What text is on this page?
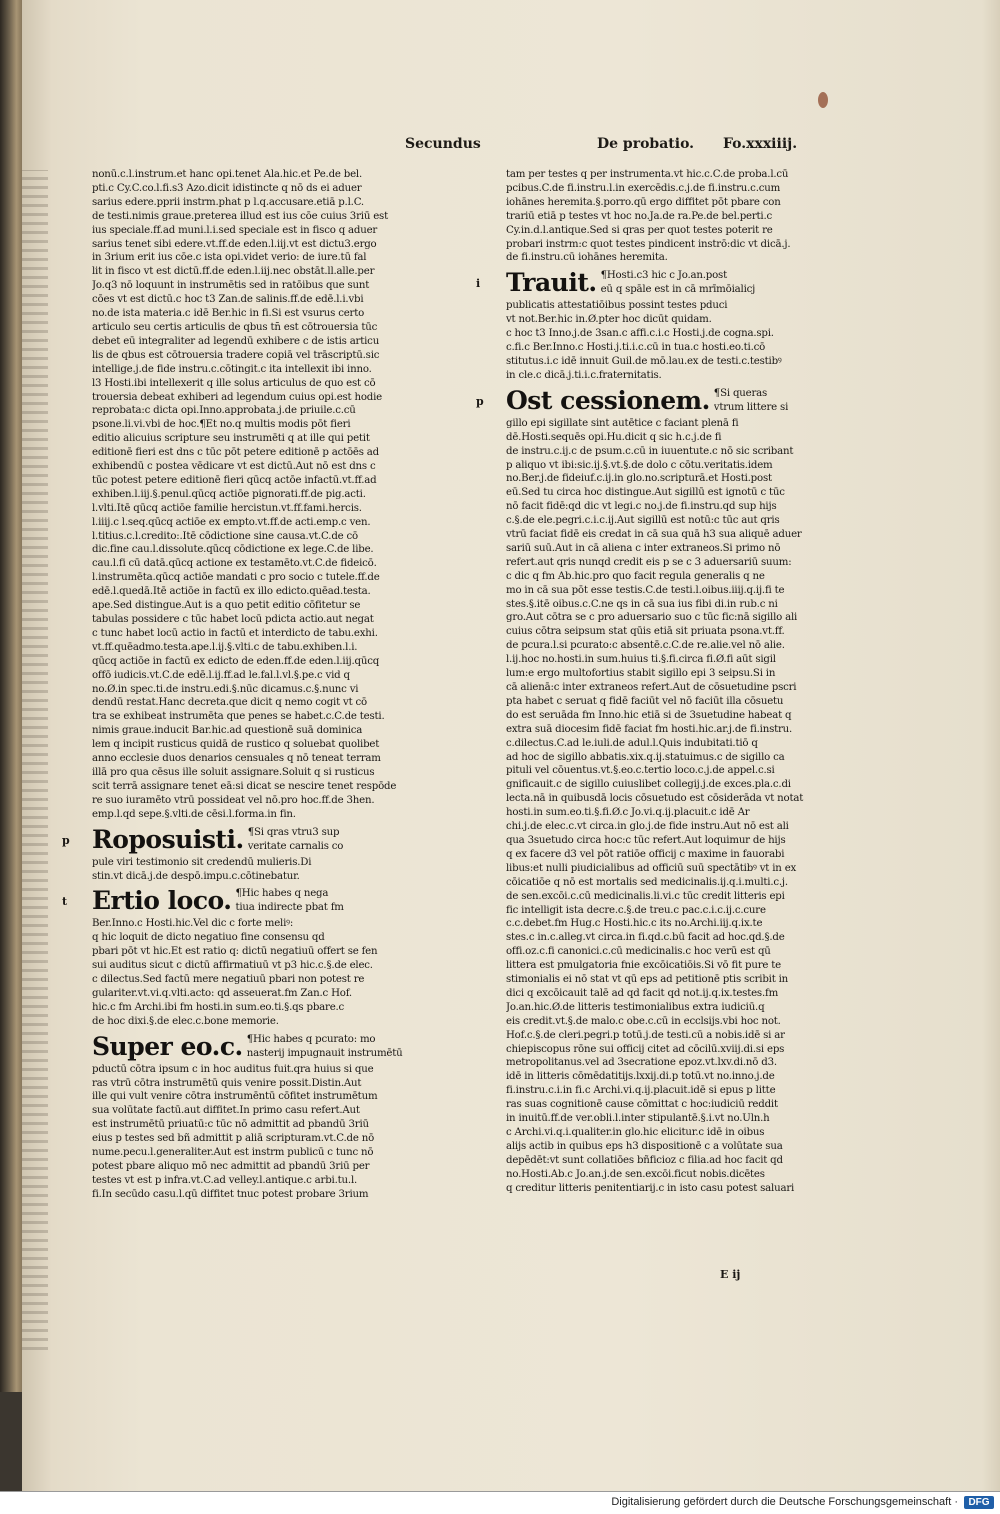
Secundus	De probatio. Fo.xxxiiij.
nonū.c.l.instrum.et hanc opi.tenet Ala.hic.et Pe.de bel.
pti.c Cy.C.co.l.fi.s3 Azo.dicit idistincte q nō ds ei aduer
sarius edere.pprii instrm.phat p l.q.accusare.etiā p.l.C.
de testi.nimis graue.preterea illud est ius cōe cuius 3riū est
ius speciale.ff.ad muni.l.i.sed speciale est in fisco q aduer
sarius tenet sibi edere.vt.ff.de eden.l.iij.vt est dictu3.ergo
in 3rium erit ius cōe.c ista opi.videt verio: de iure.tū fal
lit in fisco vt est dictū.ff.de eden.l.iij.nec obstāt.ll.alle.per
Jo.q3 nō loquunt in instrumētis sed in ratōibus que sunt
cōes vt est dictū.c hoc t3 Zan.de salinis.ff.de edē.l.i.vbi
no.de ista materia.c idē Ber.hic in fi.Si est vsurus certo
articulo seu certis articulis de qbus tn̄ est cōtrouersia tūc
debet eū integraliter ad legendū exhibere c de istis articu
lis de qbus est cōtrouersia tradere copiā vel trāscriptū.sic
intellige.j.de fide instru.c.cōtingit.c ita intellexit ibi inno.
l3 Hosti.ibi intellexerit q ille solus articulus de quo est cō
trouersia debeat exhiberi ad legendum cuius opi.est hodie
reprobata:c dicta opi.Inno.approbata.j.de priuile.c.cū
psone.li.vi.vbi de hoc.¶Et no.q multis modis pōt fieri
editio alicuius scripture seu instrumēti q at ille qui petit
editionē fieri est dns c tūc pōt petere editionē p actōēs ad
exhibendū c postea vēdicare vt est dictū.Aut nō est dns c
tūc potest petere editionē fieri qūcq actōe infactū.vt.ff.ad
exhiben.l.iij.§.penul.qūcq actiōe pignorati.ff.de pig.acti.
l.vlti.Itē qūcq actiōe familie hercistun.vt.ff.fami.hercis.
l.iiij.c l.seq.qūcq actiōe ex empto.vt.ff.de acti.emp.c ven.
l.titius.c.l.credito:.Itē cōdictione sine causa.vt.C.de cō
dic.fine cau.l.dissolute.qūcq cōdictione ex lege.C.de libe.
cau.l.fi cū datā.qūcq actione ex testamēto.vt.C.de fideicō.
l.instrumēta.qūcq actiōe mandati c pro socio c tutele.ff.de
edē.l.quedā.Itē actiōe in factū ex illo edicto.quēad.testa.
ape.Sed distingue.Aut is a quo petit editio cōfitetur se
tabulas possidere c tūc habet locū pdicta actio.aut negat
c tunc habet locū actio in factū et interdicto de tabu.exhi.
vt.ff.quēadmo.testa.ape.l.ij.§.vlti.c de tabu.exhiben.l.i.
qūcq actiōe in factū ex edicto de eden.ff.de eden.l.iij.qūcq
offō iudicis.vt.C.de edē.l.ij.ff.ad le.fal.l.vl.§.pe.c vid q
no.Ø.in spec.ti.de instru.edi.§.nūc dicamus.c.§.nunc vi
dendū restat.Hanc decreta.que dicit q nemo cogit vt cō
tra se exhibeat instrumēta que penes se habet.c.C.de testi.
nimis graue.inducit Bar.hic.ad questionē suā dominica
lem q incipit rusticus quidā de rustico q soluebat quolibet
anno ecclesie duos denarios censuales q nō teneat terram
illā pro qua cēsus ille soluit assignare.Soluit q si rusticus
scit terrā assignare tenet eā:si dicat se nescire tenet respōde
re suo iuramēto vtrū possideat vel nō.pro hoc.ff.de 3hen.
emp.l.qd sepe.§.vlti.de cēsi.l.forma.in fin.
p Roposuisti. ¶Si qras vtru3 sup
veritate carnalis co
pule viri testimonio sit credendū mulieris.Di
stin.vt dicā.j.de despō.impu.c.cōtinebatur.
t Ertio loco. ¶Hic habes q nega
tiua indirecte pbat fm
Ber.Inno.c Hosti.hic.Vel dic c forte meliꝰ:
q hic loquit de dicto negatiuo fine consensu qd
pbari pōt vt hic.Et est ratio q: dictū negatiuū offert se fen
sui auditus sicut c dictū affirmatiuū vt p3 hic.c.§.de elec.
c dilectus.Sed factū mere negatiuū pbari non potest re
gulariter.vt.vi.q.vlti.acto: qd asseuerat.fm Zan.c Hof.
hic.c fm Archi.ibi fm hosti.in sum.eo.ti.§.qs pbare.c
de hoc dixi.§.de elec.c.bone memorie.
Super eo.c. ¶Hic habes q pcurato: mo
nasterij impugnauit instrumētū
pductū cōtra ipsum c in hoc auditus fuit.qra huius si que
ras vtrū cōtra instrumētū quis venire possit.Distin.Aut
ille qui vult venire cōtra instrumēntū cōfitet instrumētum
sua volūtate factū.aut diffitet.In primo casu refert.Aut
est instrumētū priuatū:c tūc nō admittit ad pbandū 3riū
eius p testes sed bñ admittit p aliā scripturam.vt.C.de nō
nume.pecu.l.generaliter.Aut est instrm publicū c tunc nō
potest pbare aliquo mō nec admittit ad pbandū 3riū per
testes vt est p infra.vt.C.ad velley.l.antique.c arbi.tu.l.
fi.In secūdo casu.l.qū diffitet tnuc potest probare 3rium
tam per testes q per instrumenta.vt hic.c.C.de proba.l.cū
pcibus.C.de fi.instru.l.in exercēdis.c.j.de fi.instru.c.cum
iohānes heremita.§.porro.qū ergo diffitet pōt pbare con
trariū etiā p testes vt hoc no.Ja.de ra.Pe.de bel.perti.c
Cy.in.d.l.antique.Sed si qras per quot testes poterit re
probari instrm:c quot testes pindicent instrō:dic vt dicā.j.
de fi.instru.cū iohānes heremita.
i Trauit. ¶Hosti.c3 hic c Jo.an.post
eū q spāle est in cā mrīmōialicj
publicatis attestatiōibus possint testes pduci
vt not.Ber.hic in.Ø.pter hoc dicūt quidam.
c hoc t3 Inno.j.de 3san.c affi.c.i.c Hosti.j.de cogna.spi.
c.fi.c Ber.Inno.c Hosti.j.ti.i.c.cū in tua.c hosti.eo.ti.cō
stitutus.i.c idē innuit Guil.de mō.lau.ex de testi.c.testibꝰ
in cle.c dicā.j.ti.i.c.fraternitatis.
p Ost cessionem. ¶Si queras
vtrum littere si
gillo epi sigillate sint autētice c faciant plenā fi
dē.Hosti.sequēs opi.Hu.dicit q sic h.c.j.de fi
de instru.c.ij.c de psum.c.cū in iuuentute.c nō sic scribant
p aliquo vt ibi:sic.ij.§.vt.§.de dolo c cōtu.veritatis.idem
no.Ber.j.de fideiuf.c.ij.in glo.no.scripturā.et Hosti.post
eū.Sed tu circa hoc distingue.Aut sigillū est ignotū c tūc
nō facit fidē:qd dic vt legi.c no.j.de fi.instru.qd sup hijs
c.§.de ele.pegri.c.i.c.ij.Aut sigillū est notū:c tūc aut qris
vtrū faciat fidē eis credat in cā sua quā h3 sua aliquē aduer
sariū suū.Aut in cā aliena c inter extraneos.Si primo nō
refert.aut qris nunqd credit eis p se c 3 aduersariū suum:
c dic q fm Ab.hic.pro quo facit regula generalis q ne
mo in cā sua pōt esse testis.C.de testi.l.oibus.iiij.q.ij.fi te
stes.§.itē oibus.c.C.ne qs in cā sua ius fibi di.in rub.c ni
gro.Aut cōtra se c pro aduersario suo c tūc fic:nā sigillo ali
cuius cōtra seipsum stat qūis etiā sit priuata psona.vt.ff.
de pcura.l.si pcurato:c absentē.c.C.de re.alie.vel nō alie.
l.ij.hoc no.hosti.in sum.huius ti.§.fi.circa fi.Ø.fi aūt sigil
lum:e ergo multofortius stabit sigillo epi 3 seipsu.Si in
cā alienā:c inter extraneos refert.Aut de cōsuetudine pscri
pta habet c seruat q fidē faciūt vel nō faciūt illa cōsuetu
do est seruāda fm Inno.hic etiā si de 3suetudine habeat q
extra suā diocesim fidē faciat fm hosti.hic.ar.j.de fi.instru.
c.dilectus.C.ad le.iuli.de adul.l.Quis indubitati.tiō q
ad hoc de sigillo abbatis.xix.q.ij.statuimus.c de sigillo ca
pituli vel cōuentus.vt.§.eo.c.tertio loco.c.j.de appel.c.si
gnificauit.c de sigillo cuiuslibet collegij.j.de exces.pla.c.di
lecta.nā in quibusdā locis cōsuetudo est cōsiderāda vt notat
hosti.in sum.eo.ti.§.fi.Ø.c Jo.vi.q.ij.placuit.c idē Ar
chi.j.de elec.c.vt circa.in glo.j.de fide instru.Aut nō est ali
qua 3suetudo circa hoc:c tūc refert.Aut loquimur de hijs
q ex facere d3 vel pōt ratiōe officij c maxime in fauorabi
libus:et nulli piudicialibus ad officiū suū spectātibꝰ vt in ex
cōicatiōe q nō est mortalis sed medicinalis.ij.q.i.multi.c.j.
de sen.excōi.c.cū medicinalis.li.vi.c tūc credit litteris epi
fic intelligit ista decre.c.§.de treu.c pac.c.i.c.ij.c.cure
c.c.debet.fm Hug.c Hosti.hic.c its no.Archi.iij.q.ix.te
stes.c in.c.alleg.vt circa.in fi.qd.c.bū facit ad hoc.qd.§.de
offi.oz.c.fi canonici.c.cū medicinalis.c hoc verū est qū
littera est pmulgatoria fnie excōicatiōis.Si vō fit pure te
stimonialis ei nō stat vt qū eps ad petitionē ptis scribit in
dici q excōicauit talē ad qd facit qd not.ij.q.ix.testes.fm
Jo.an.hic.Ø.de litteris testimonialibus extra iudiciū.q
eis credit.vt.§.de malo.c obe.c.cū in ecclsijs.vbi hoc not.
Hof.c.§.de cleri.pegri.p totū.j.de testi.cū a nobis.idē si ar
chiepiscopus rōne sui officij citet ad cōcilū.xviij.di.si eps
metropolitanus.vel ad 3secratione epoz.vt.lxv.di.nō d3.
idē in litteris cōmēdatitijs.lxxij.di.p totū.vt no.inno.j.de
fi.instru.c.i.in fi.c Archi.vi.q.ij.placuit.idē si epus p litte
ras suas cognitionē cause cōmittat c hoc:iudiciū reddit
in inuitū.ff.de ver.obli.l.inter stipulantē.§.i.vt no.Uln.h
c Archi.vi.q.i.qualiter.in glo.hic elicitur.c idē in oibus
alijs actib in quibus eps h3 dispositionē c a volūtate sua
depēdēt:vt sunt collatiōes bñficioz c filia.ad hoc facit qd
no.Hosti.Ab.c Jo.an.j.de sen.excōi.ficut nobis.dicētes
q creditur litteris penitentiarij.c in isto casu potest saluari
E ij
Digitalisierung gefördert durch die Deutsche Forschungsgemeinschaft ·	DFG
